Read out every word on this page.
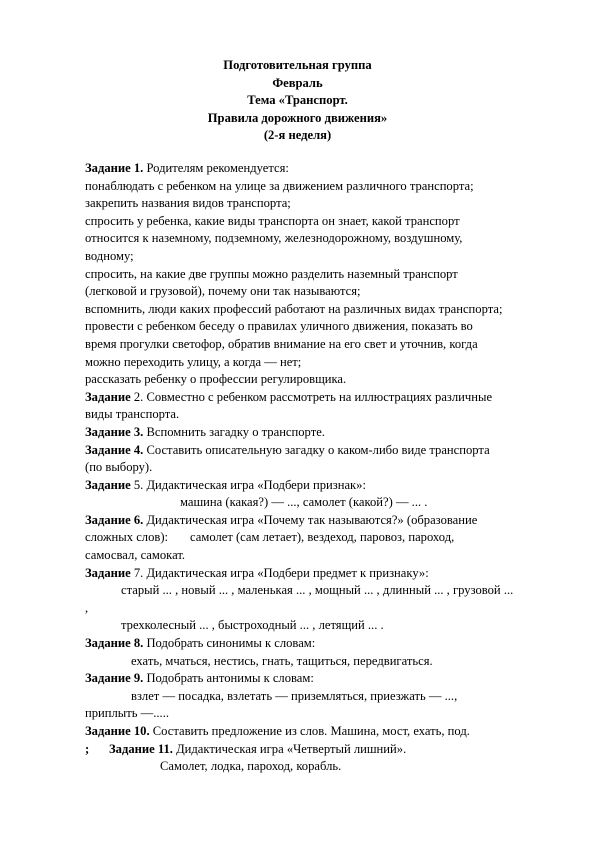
Подготовительная группа
Февраль
Тема «Транспорт.
Правила дорожного движения»
(2-я неделя)
Задание 1. Родителям рекомендуется:
понаблюдать с ребенком на улице за движением различного транспорта;
закрепить названия видов транспорта;
спросить у ребенка, какие виды транспорта он знает, какой транспорт
относится к наземному, подземному, железнодорожному, воздушному,
водному;
спросить, на какие две группы можно разделить наземный транспорт
(легковой и грузовой), почему они так называются;
вспомнить, люди каких профессий работают на различных видах транспорта;
провести с ребенком беседу о правилах уличного движения, показать во
время прогулки светофор, обратив внимание на его свет и уточнив, когда
можно переходить улицу, а когда — нет;
рассказать ребенку о профессии регулировщика.
Задание 2. Совместно с ребенком рассмотреть на иллюстрациях различные
виды транспорта.
Задание 3. Вспомнить загадку о транспорте.
Задание 4. Составить описательную загадку о каком-либо виде транспорта
(по выбору).
Задание 5. Дидактическая игра «Подбери признак»:
машина (какая?) — ..., самолет (какой?) — ... .
Задание 6. Дидактическая игра «Почему так называются?» (образование
сложных слов): самолет (сам летает), вездеход, паровоз, пароход,
самосвал, самокат.
Задание 7. Дидактическая игра «Подбери предмет к признаку»:
старый ... , новый ... , маленькая ... , мощный ... , длинный ... , грузовой ...
,
трехколесный ... , быстроходный ... , летящий ... .
Задание 8. Подобрать синонимы к словам:
ехать, мчаться, нестись, гнать, тащиться, передвигаться.
Задание 9. Подобрать антонимы к словам:
взлет — посадка, взлетать — приземляться, приезжать — ...,
приплыть —.....
Задание 10. Составить предложение из слов. Машина, мост, ехать, под.
; Задание 11. Дидактическая игра «Четвертый лишний».
Самолет, лодка, пароход, корабль.
